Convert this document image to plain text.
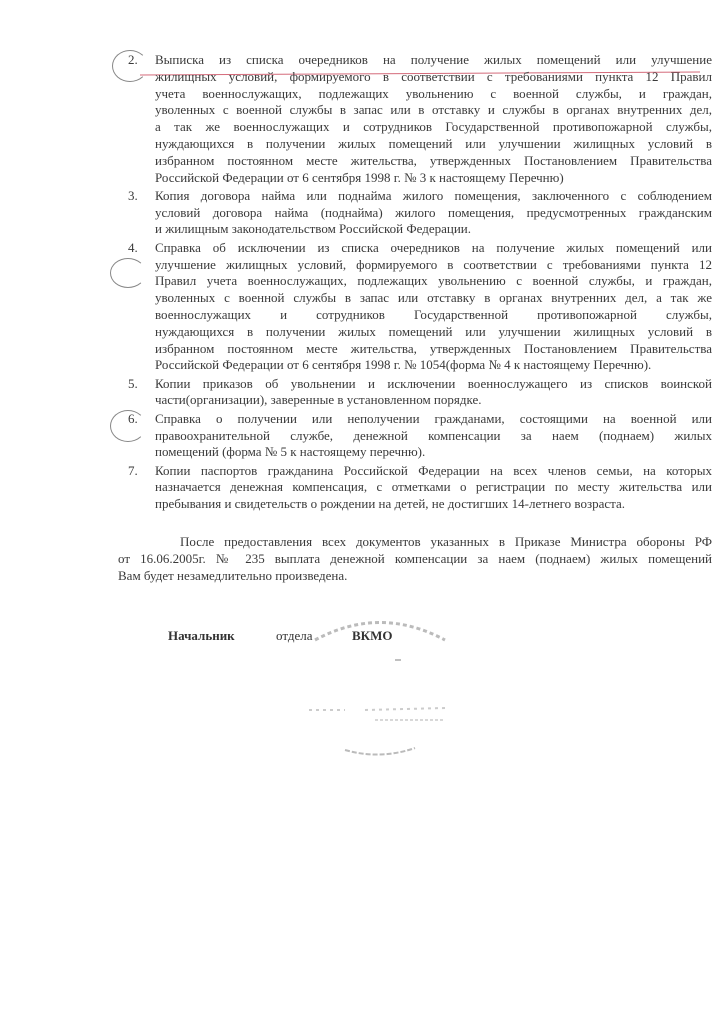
2. Выписка из списка очередников на получение жилых помещений или улучшение
жилищных условий, формируемого в соответствии с требованиями пункта 12 Правил
учета военнослужащих, подлежащих увольнению с военной службы, и граждан,
уволенных с военной службы в запас или в отставку и службы в органах внутренних дел,
а так же военнослужащих и сотрудников Государственной противопожарной службы,
нуждающихся в получении жилых помещений или улучшении жилищных условий в
избранном постоянном месте жительства, утвержденных Постановлением Правительства
Российской Федерации от 6 сентября 1998 г. № 3 к настоящему Перечню)
3. Копия договора найма или поднайма жилого помещения, заключенного с соблюдением
условий договора найма (поднайма) жилого помещения, предусмотренных гражданским
и жилищным законодательством Российской Федерации.
4. Справка об исключении из списка очередников на получение жилых помещений или
улучшение жилищных условий, формируемого в соответствии с требованиями пункта 12
Правил учета военнослужащих, подлежащих увольнению с военной службы, и граждан,
уволенных с военной службы в запас или отставку в органах внутренних дел, а так же
военнослужащих и сотрудников Государственной противопожарной службы,
нуждающихся в получении жилых помещений или улучшении жилищных условий в
избранном постоянном месте жительства, утвержденных Постановлением Правительства
Российской Федерации от 6 сентября 1998 г. № 1054(форма № 4 к настоящему Перечню).
5. Копии приказов об увольнении и исключении военнослужащего из списков воинской
части(организации), заверенные в установленном порядке.
6. Справка о получении или неполучении гражданами, состоящими на военной или
правоохранительной службе, денежной компенсации за наем (поднаем) жилых
помещений (форма № 5 к настоящему перечню).
7. Копии паспортов гражданина Российской Федерации на всех членов семьи, на которых
назначается денежная компенсация, с отметками о регистрации по месту жительства или
пребывания и свидетельств о рождении на детей, не достигших 14-летнего возраста.
После предоставления всех документов указанных в Приказе Министра обороны РФ
от 16.06.2005г. № 235 выплата денежной компенсации за наем (поднаем) жилых помещений
Вам будет незамедлительно произведена.
Начальник	отдела	ВКМО
